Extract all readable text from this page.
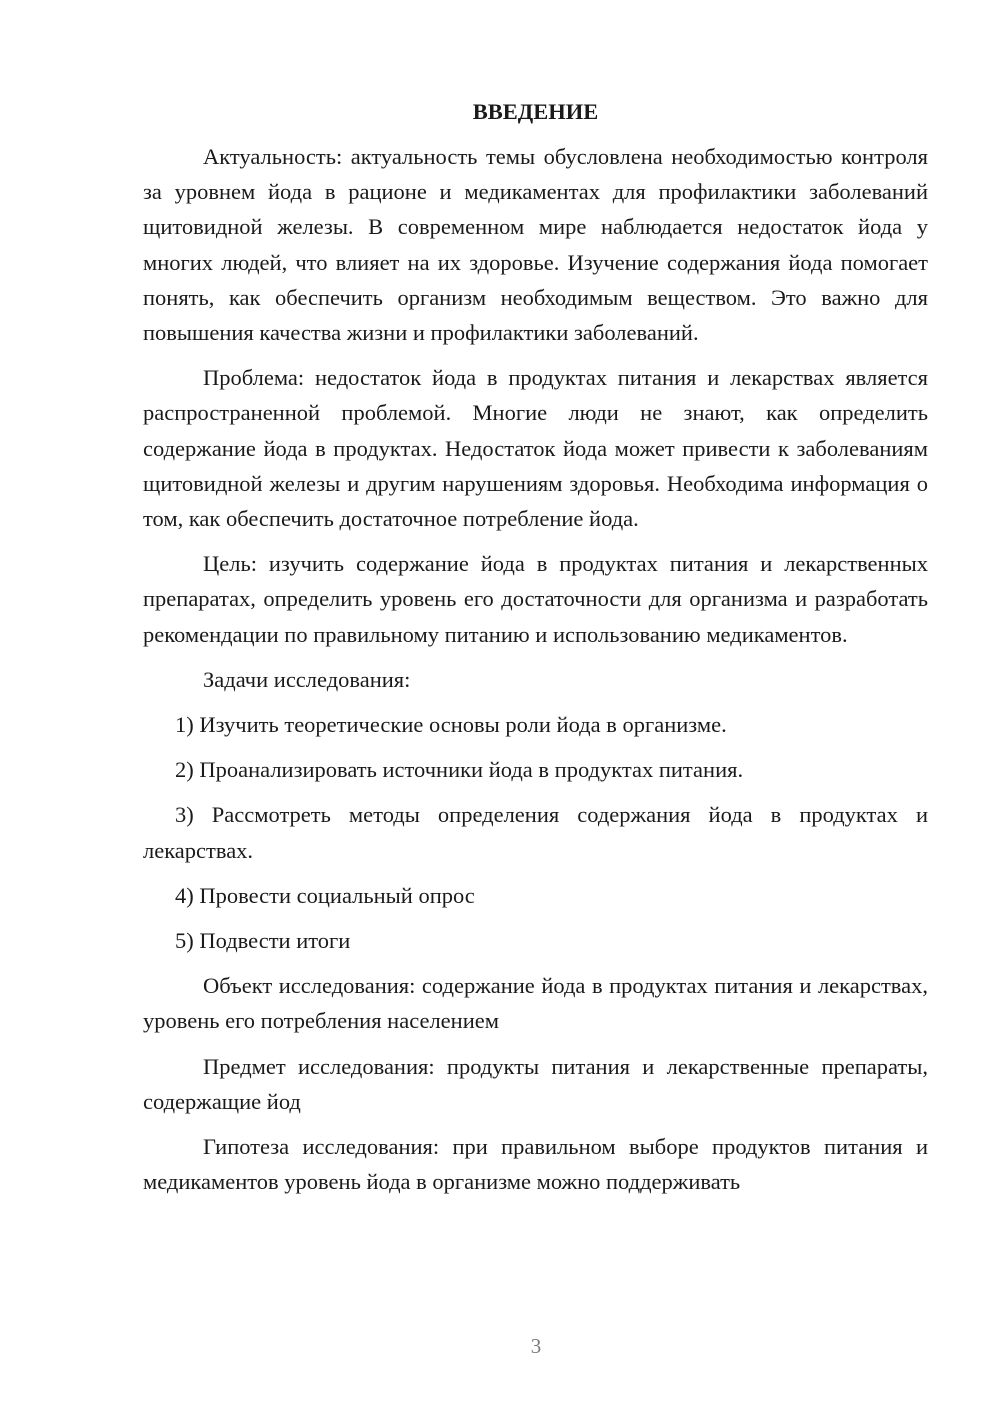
ВВЕДЕНИЕ

Актуальность: актуальность темы обусловлена необходимостью контроля за уровнем йода в рационе и медикаментах для профилактики заболеваний щитовидной железы. В современном мире наблюдается недостаток йода у многих людей, что влияет на их здоровье. Изучение содержания йода помогает понять, как обеспечить организм необходимым веществом. Это важно для повышения качества жизни и профилактики заболеваний.

Проблема: недостаток йода в продуктах питания и лекарствах является распространенной проблемой. Многие люди не знают, как определить содержание йода в продуктах. Недостаток йода может привести к заболеваниям щитовидной железы и другим нарушениям здоровья. Необходима информация о том, как обеспечить достаточное потребление йода.

Цель: изучить содержание йода в продуктах питания и лекарственных препаратах, определить уровень его достаточности для организма и разработать рекомендации по правильному питанию и использованию медикаментов.

Задачи исследования:

1) Изучить теоретические основы роли йода в организме.

2) Проанализировать источники йода в продуктах питания.

3) Рассмотреть методы определения содержания йода в продуктах и лекарствах.

4) Провести социальный опрос

5) Подвести итоги

Объект исследования: содержание йода в продуктах питания и лекарствах, уровень его потребления населением

Предмет исследования: продукты питания и лекарственные препараты, содержащие йод

Гипотеза исследования: при правильном выборе продуктов питания и медикаментов уровень йода в организме можно поддерживать

3
